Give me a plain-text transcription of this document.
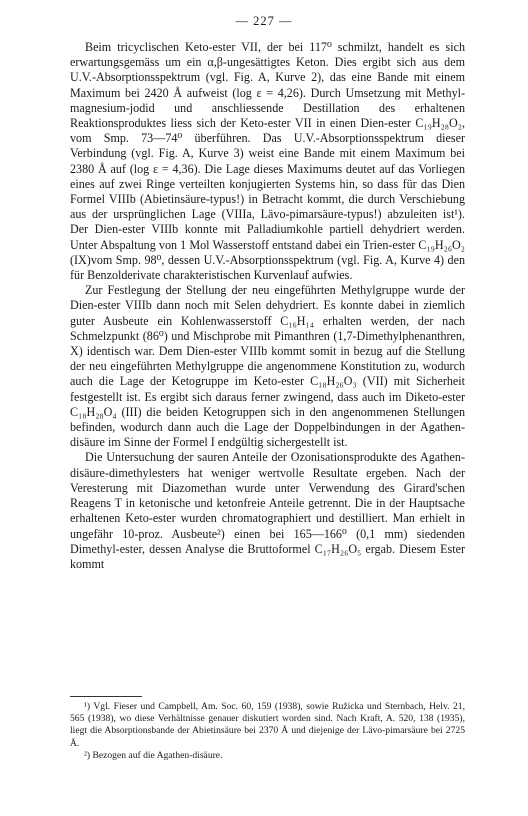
— 227 —

Beim tricyclischen Keto-ester VII, der bei 117⁰ schmilzt, handelt es sich erwartungsgemäss um ein α,β-ungesättigtes Keton. Dies ergibt sich aus dem U.V.-Absorptionsspektrum (vgl. Fig. A, Kurve 2), das eine Bande mit einem Maximum bei 2420 Å aufweist (log ε = 4,26). Durch Umsetzung mit Methyl-magnesium-jodid und anschliessende Destillation des erhaltenen Reaktionsproduktes liess sich der Keto-ester VII in einen Dien-ester C₁₉H₂₈O₂, vom Smp. 73—74⁰ überführen. Das U.V.-Absorptionsspektrum dieser Verbindung (vgl. Fig. A, Kurve 3) weist eine Bande mit einem Maximum bei 2380 Å auf (log ε = 4,36). Die Lage dieses Maximums deutet auf das Vorliegen eines auf zwei Ringe verteilten konjugierten Systems hin, so dass für das Dien Formel VIIIb (Abietinsäure-typus!) in Betracht kommt, die durch Verschiebung aus der ursprünglichen Lage (VIIIa, Lävo-pimarsäure-typus!) abzuleiten ist¹). Der Dien-ester VIIIb konnte mit Palladiumkohle partiell dehydriert werden. Unter Abspaltung von 1 Mol Wasserstoff entstand dabei ein Trien-ester C₁₉H₂₆O₂ (IX)vom Smp. 98⁰, dessen U.V.-Absorptionsspektrum (vgl. Fig. A, Kurve 4) den für Benzolderivate charakteristischen Kurvenlauf aufwies.

Zur Festlegung der Stellung der neu eingeführten Methylgruppe wurde der Dien-ester VIIIb dann noch mit Selen dehydriert. Es konnte dabei in ziemlich guter Ausbeute ein Kohlenwasserstoff C₁₆H₁₄ erhalten werden, der nach Schmelzpunkt (86⁰) und Mischprobe mit Pimanthren (1,7-Dimethylphenanthren, X) identisch war. Dem Dien-ester VIIIb kommt somit in bezug auf die Stellung der neu eingeführten Methylgruppe die angenommene Konstitution zu, wodurch auch die Lage der Ketogruppe im Keto-ester C₁₈H₂₆O₃ (VII) mit Sicherheit festgestellt ist. Es ergibt sich daraus ferner zwingend, dass auch im Diketo-ester C₁₈H₂₈O₄ (III) die beiden Ketogruppen sich in den angenommenen Stellungen befinden, wodurch dann auch die Lage der Doppelbindungen in der Agathen-disäure im Sinne der Formel I endgültig sichergestellt ist.

Die Untersuchung der sauren Anteile der Ozonisationsprodukte des Agathen-disäure-dimethylesters hat weniger wertvolle Resultate ergeben. Nach der Veresterung mit Diazomethan wurde unter Verwendung des Girard'schen Reagens T in ketonische und ketonfreie Anteile getrennt. Die in der Hauptsache erhaltenen Keto-ester wurden chromatographiert und destilliert. Man erhielt in ungefähr 10-proz. Ausbeute²) einen bei 165—166⁰ (0,1 mm) siedenden Dimethyl-ester, dessen Analyse die Bruttoformel C₁₇H₂₆O₅ ergab. Diesem Ester kommt

¹) Vgl. Fieser und Campbell, Am. Soc. 60, 159 (1938), sowie Ružicka und Sternbach, Helv. 21, 565 (1938), wo diese Verhältnisse genauer diskutiert worden sind. Nach Kraft, A. 520, 138 (1935), liegt die Absorptionsbande der Abietinsäure bei 2370 Å und diejenige der Lävo-pimarsäure bei 2725 Å.

²) Bezogen auf die Agathen-disäure.
